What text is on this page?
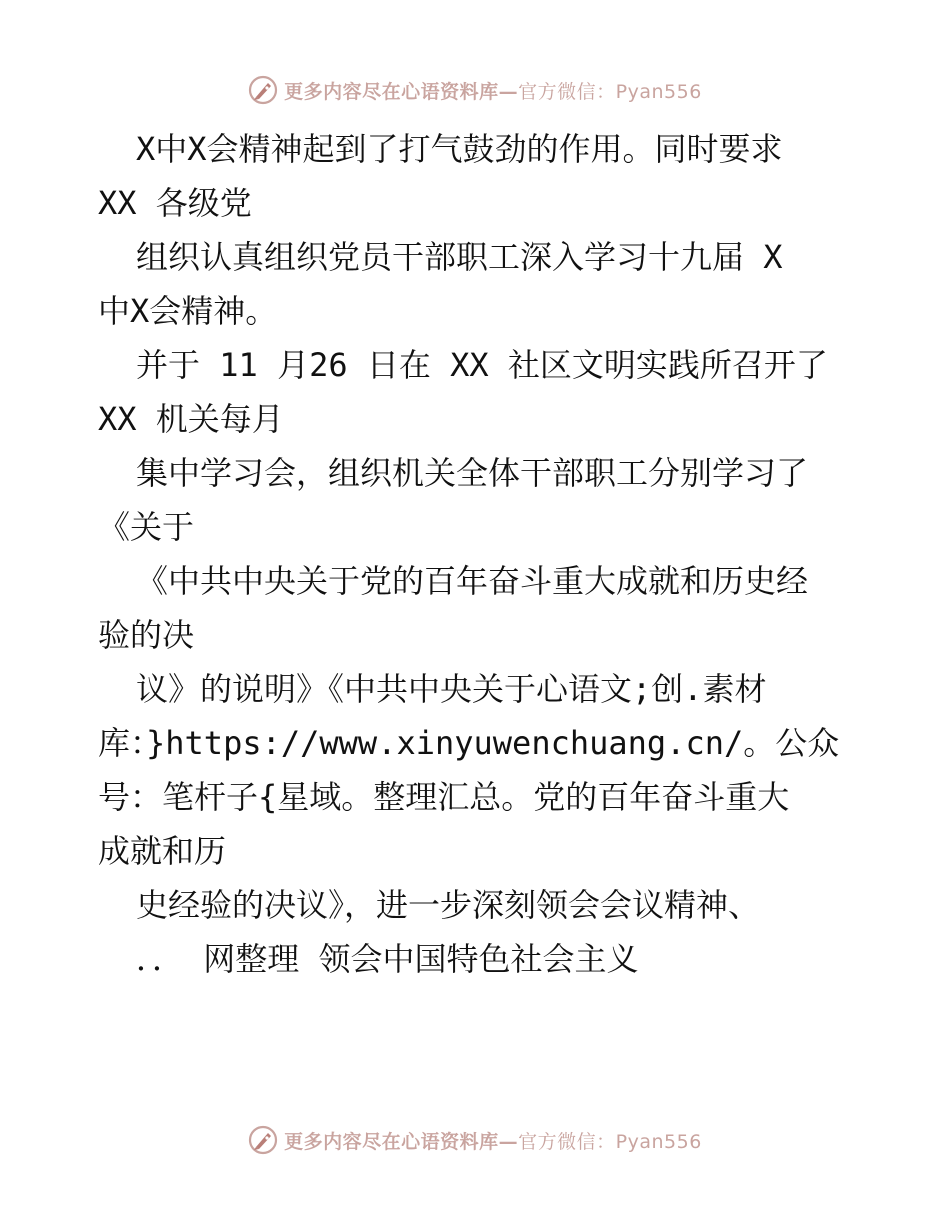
更多内容尽在心语资料库—官方微信：Pyan556
X中X会精神起到了打气鼓劲的作用。同时要求
XX 各级党
组织认真组织党员干部职工深入学习十九届 X
中X会精神。
并于 11 月26 日在 XX 社区文明实践所召开了
XX 机关每月
集中学习会，组织机关全体干部职工分别学习了
《关于
《中共中央关于党的百年奋斗重大成就和历史经
验的决
议》的说明》《中共中央关于心语文;创.素材
库：}https://www.xinyuwenchuang.cn/。公众
号：笔杆子{星域。整理汇总。党的百年奋斗重大
成就和历
史经验的决议》，进一步深刻领会会议精神、
．． 网整理 领会中国特色社会主义
更多内容尽在心语资料库—官方微信：Pyan556
